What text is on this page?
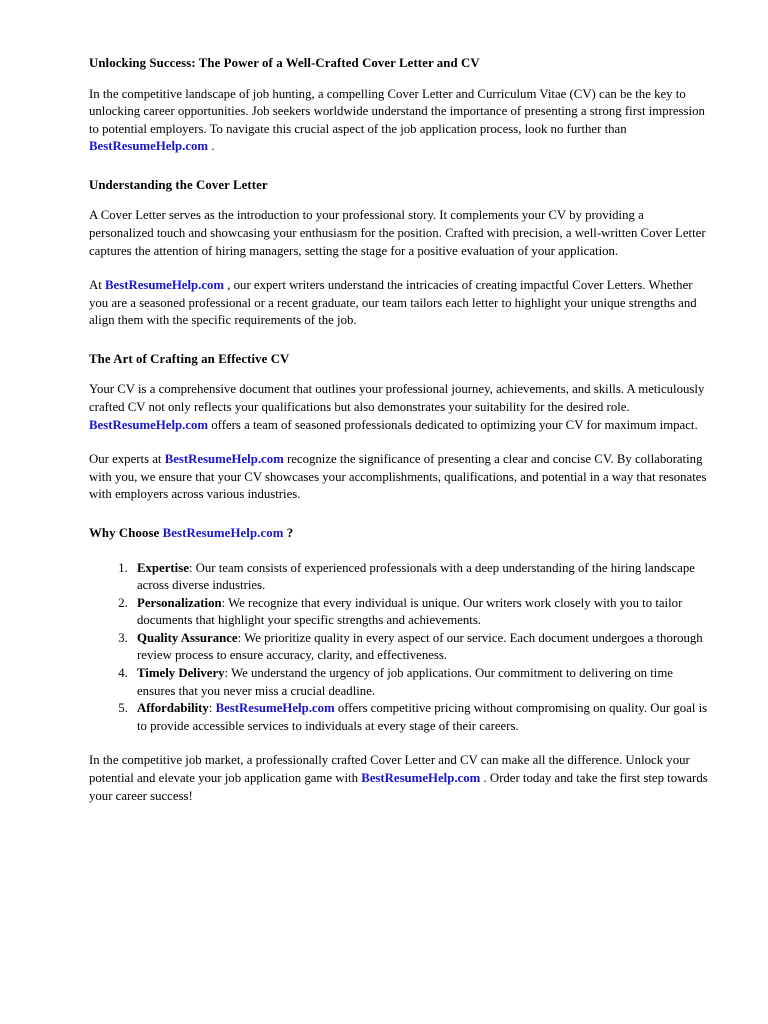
Unlocking Success: The Power of a Well-Crafted Cover Letter and CV

In the competitive landscape of job hunting, a compelling Cover Letter and Curriculum Vitae (CV) can be the key to unlocking career opportunities. Job seekers worldwide understand the importance of presenting a strong first impression to potential employers. To navigate this crucial aspect of the job application process, look no further than BestResumeHelp.com .

Understanding the Cover Letter

A Cover Letter serves as the introduction to your professional story. It complements your CV by providing a personalized touch and showcasing your enthusiasm for the position. Crafted with precision, a well-written Cover Letter captures the attention of hiring managers, setting the stage for a positive evaluation of your application.

At BestResumeHelp.com , our expert writers understand the intricacies of creating impactful Cover Letters. Whether you are a seasoned professional or a recent graduate, our team tailors each letter to highlight your unique strengths and align them with the specific requirements of the job.

The Art of Crafting an Effective CV

Your CV is a comprehensive document that outlines your professional journey, achievements, and skills. A meticulously crafted CV not only reflects your qualifications but also demonstrates your suitability for the desired role. BestResumeHelp.com offers a team of seasoned professionals dedicated to optimizing your CV for maximum impact.

Our experts at BestResumeHelp.com recognize the significance of presenting a clear and concise CV. By collaborating with you, we ensure that your CV showcases your accomplishments, qualifications, and potential in a way that resonates with employers across various industries.

Why Choose BestResumeHelp.com ?
1. Expertise: Our team consists of experienced professionals with a deep understanding of the hiring landscape across diverse industries.
2. Personalization: We recognize that every individual is unique. Our writers work closely with you to tailor documents that highlight your specific strengths and achievements.
3. Quality Assurance: We prioritize quality in every aspect of our service. Each document undergoes a thorough review process to ensure accuracy, clarity, and effectiveness.
4. Timely Delivery: We understand the urgency of job applications. Our commitment to delivering on time ensures that you never miss a crucial deadline.
5. Affordability: BestResumeHelp.com offers competitive pricing without compromising on quality. Our goal is to provide accessible services to individuals at every stage of their careers.

In the competitive job market, a professionally crafted Cover Letter and CV can make all the difference. Unlock your potential and elevate your job application game with BestResumeHelp.com . Order today and take the first step towards your career success!
